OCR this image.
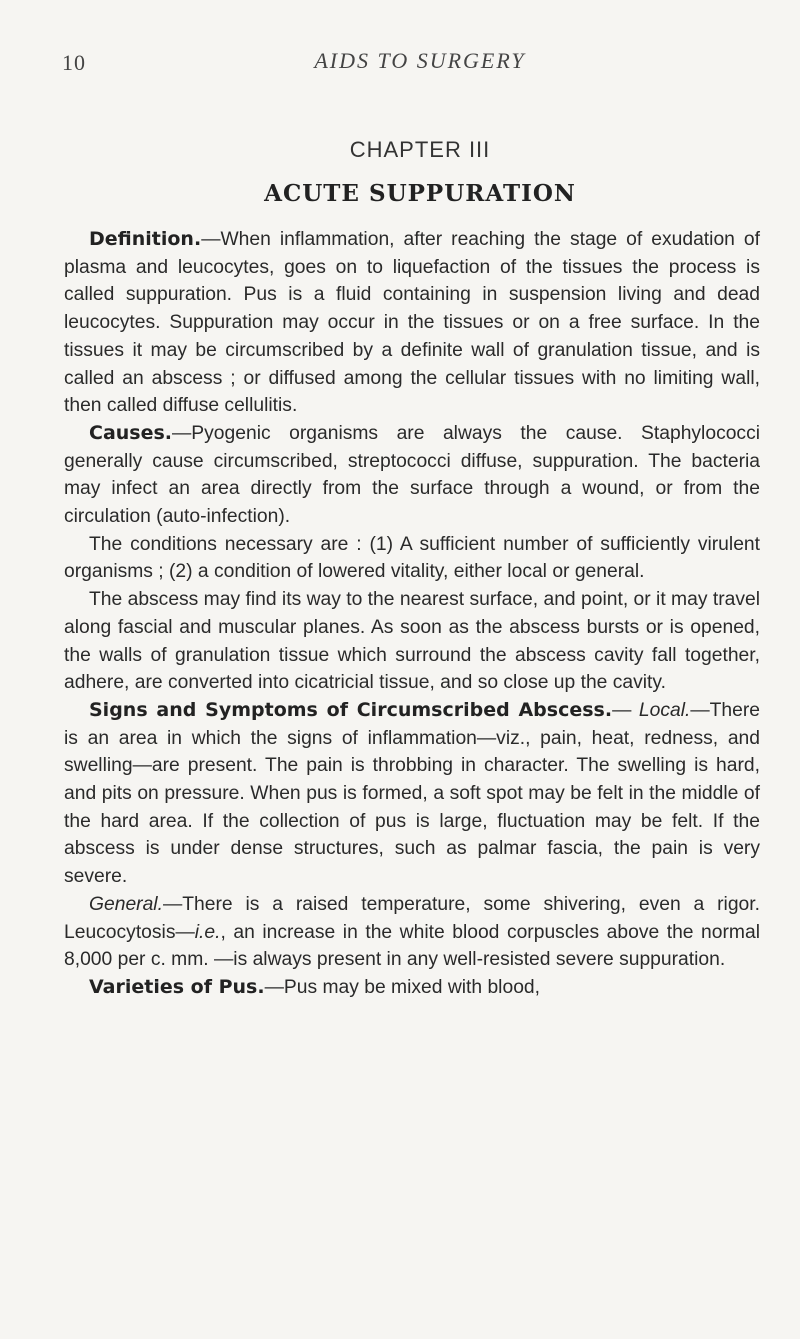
10	AIDS TO SURGERY
CHAPTER III
ACUTE SUPPURATION

Definition.—When inflammation, after reaching the stage of exudation of plasma and leucocytes, goes on to liquefaction of the tissues the process is called suppuration. Pus is a fluid containing in suspension living and dead leucocytes. Suppuration may occur in the tissues or on a free surface. In the tissues it may be circumscribed by a definite wall of granulation tissue, and is called an abscess ; or diffused among the cellular tissues with no limiting wall, then called diffuse cellulitis.

Causes.—Pyogenic organisms are always the cause. Staphylococci generally cause circumscribed, streptococci diffuse, suppuration. The bacteria may infect an area directly from the surface through a wound, or from the circulation (auto-infection).

The conditions necessary are : (1) A sufficient number of sufficiently virulent organisms ; (2) a condition of lowered vitality, either local or general.

The abscess may find its way to the nearest surface, and point, or it may travel along fascial and muscular planes. As soon as the abscess bursts or is opened, the walls of granulation tissue which surround the abscess cavity fall together, adhere, are converted into cicatricial tissue, and so close up the cavity.

Signs and Symptoms of Circumscribed Abscess.— Local.—There is an area in which the signs of inflammation—viz., pain, heat, redness, and swelling—are present. The pain is throbbing in character. The swelling is hard, and pits on pressure. When pus is formed, a soft spot may be felt in the middle of the hard area. If the collection of pus is large, fluctuation may be felt. If the abscess is under dense structures, such as palmar fascia, the pain is very severe.

General.—There is a raised temperature, some shivering, even a rigor. Leucocytosis—i.e., an increase in the white blood corpuscles above the normal 8,000 per c. mm. —is always present in any well-resisted severe suppuration.

Varieties of Pus.—Pus may be mixed with blood,
